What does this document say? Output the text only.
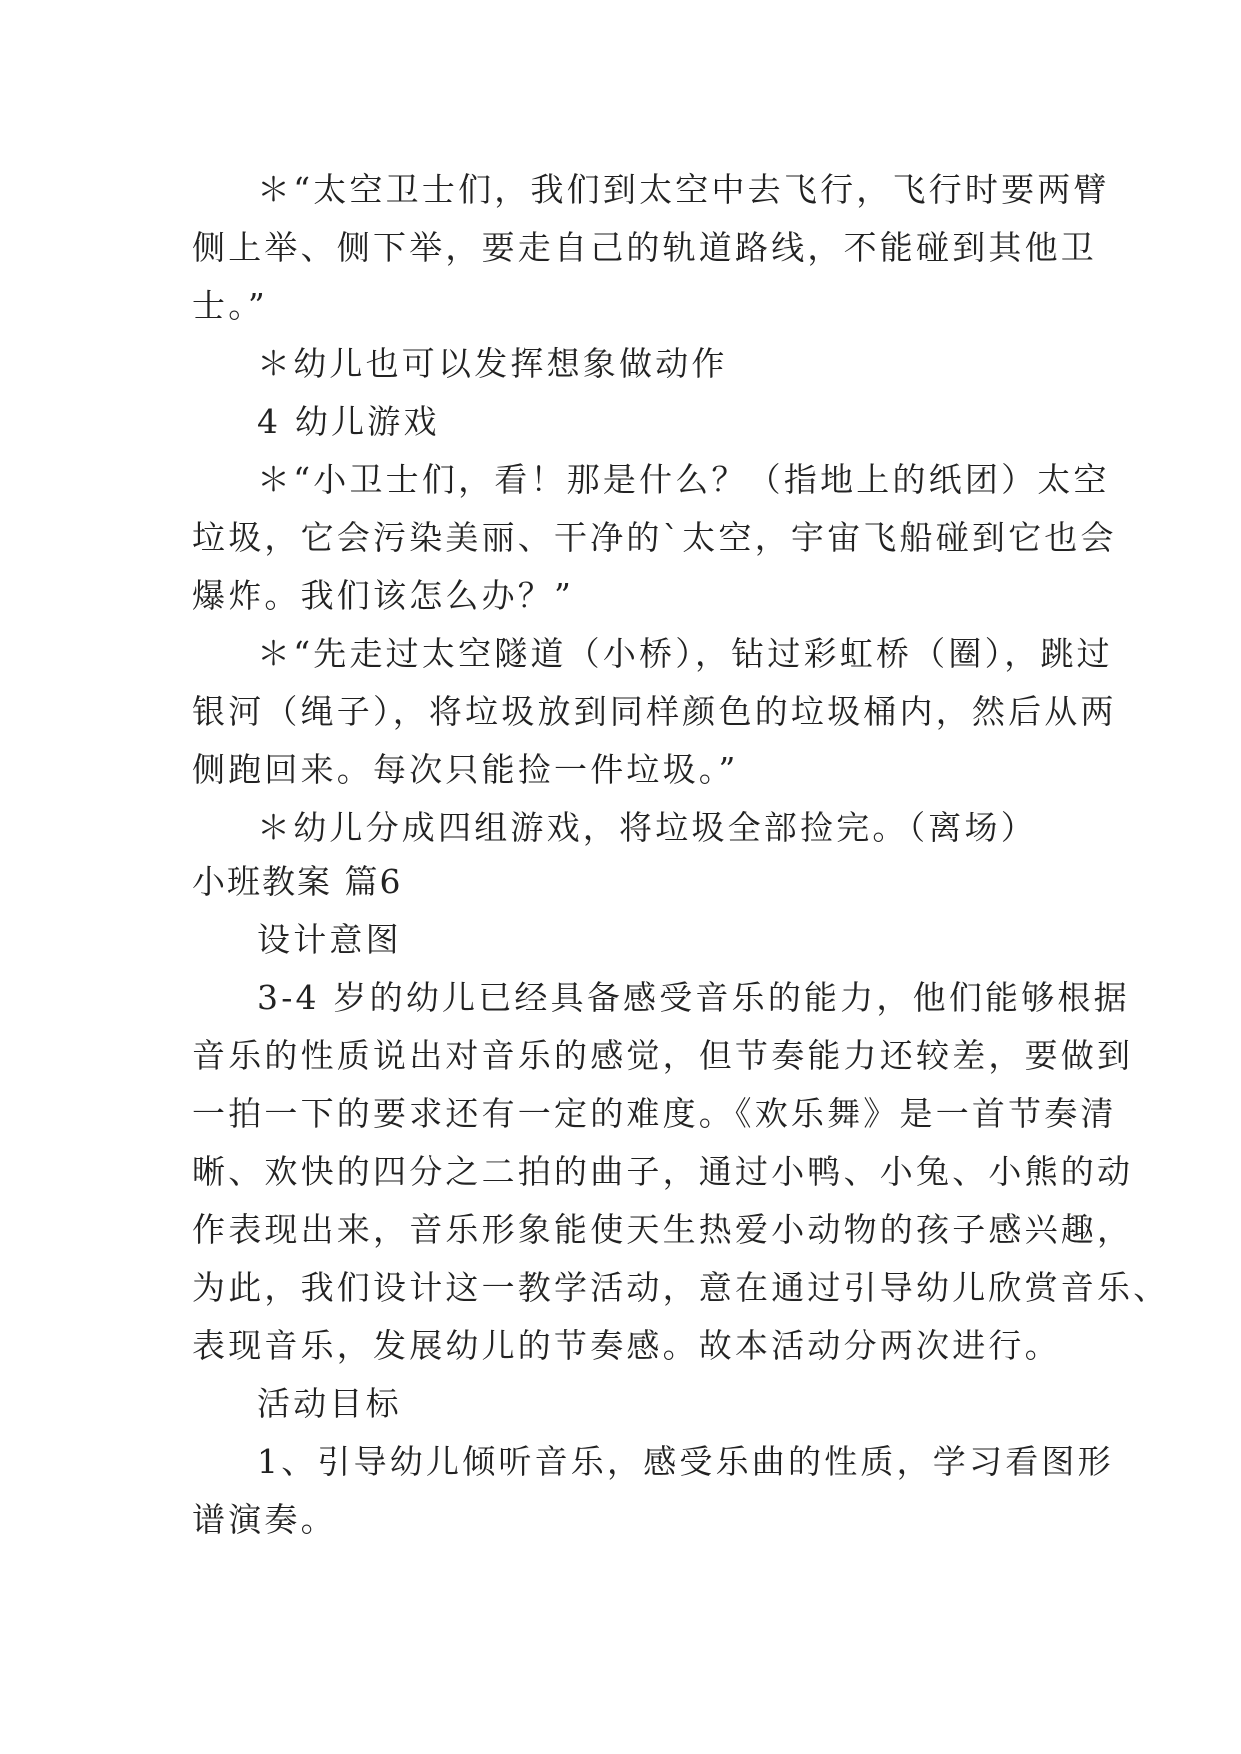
＊“太空卫士们，我们到太空中去飞行，飞行时要两臂
侧上举、侧下举，要走自己的轨道路线，不能碰到其他卫
士。”
＊幼儿也可以发挥想象做动作
4 幼儿游戏
＊“小卫士们，看！那是什么？（指地上的纸团）太空
垃圾，它会污染美丽、干净的`太空，宇宙飞船碰到它也会
爆炸。我们该怎么办？”
＊“先走过太空隧道（小桥），钻过彩虹桥（圈），跳过
银河（绳子），将垃圾放到同样颜色的垃圾桶内，然后从两
侧跑回来。每次只能捡一件垃圾。”
＊幼儿分成四组游戏，将垃圾全部捡完。（离场）
小班教案 篇6
设计意图
3-4 岁的幼儿已经具备感受音乐的能力，他们能够根据
音乐的性质说出对音乐的感觉，但节奏能力还较差，要做到
一拍一下的要求还有一定的难度。《欢乐舞》是一首节奏清
晰、欢快的四分之二拍的曲子，通过小鸭、小兔、小熊的动
作表现出来，音乐形象能使天生热爱小动物的孩子感兴趣，
为此，我们设计这一教学活动，意在通过引导幼儿欣赏音乐、
表现音乐，发展幼儿的节奏感。故本活动分两次进行。
活动目标
1、引导幼儿倾听音乐，感受乐曲的性质，学习看图形
谱演奏。
